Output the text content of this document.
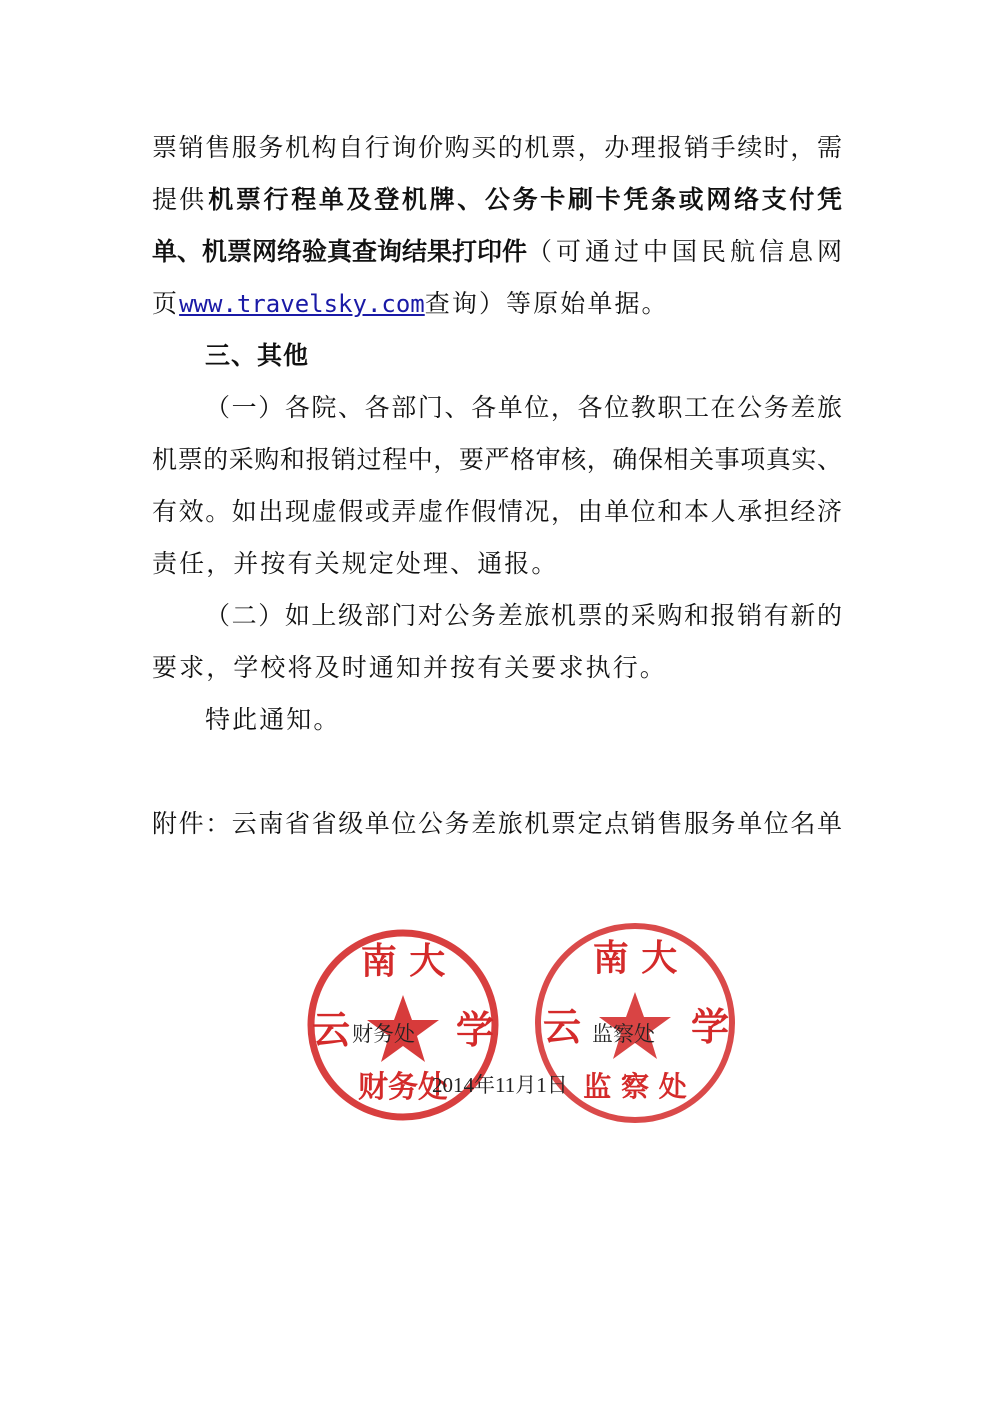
票销售服务机构自行询价购买的机票，办理报销手续时，需
提供 机票行程单及登机牌、公务卡刷卡凭条或网络支付凭
单、机票网络验真查询结果打印件 （可通过中国民航信息网
页www.travelsky.com查询）等原始单据。
三、其他
（一）各院、各部门、各单位，各位教职工在公务差旅
机票的采购和报销过程中，要严格审核，确保相关事项真实、
有效。如出现虚假或弄虚作假情况，由单位和本人承担经济
责任，并按有关规定处理、通报。
（二）如上级部门对公务差旅机票的采购和报销有新的
要求，学校将及时通知并按有关要求执行。
特此通知。
附件：云南省省级单位公务差旅机票定点销售服务单位名单
南 大
云	学
财务处
南 大
云	学
监 察 处
财务处	监察处
2014年11月1日
